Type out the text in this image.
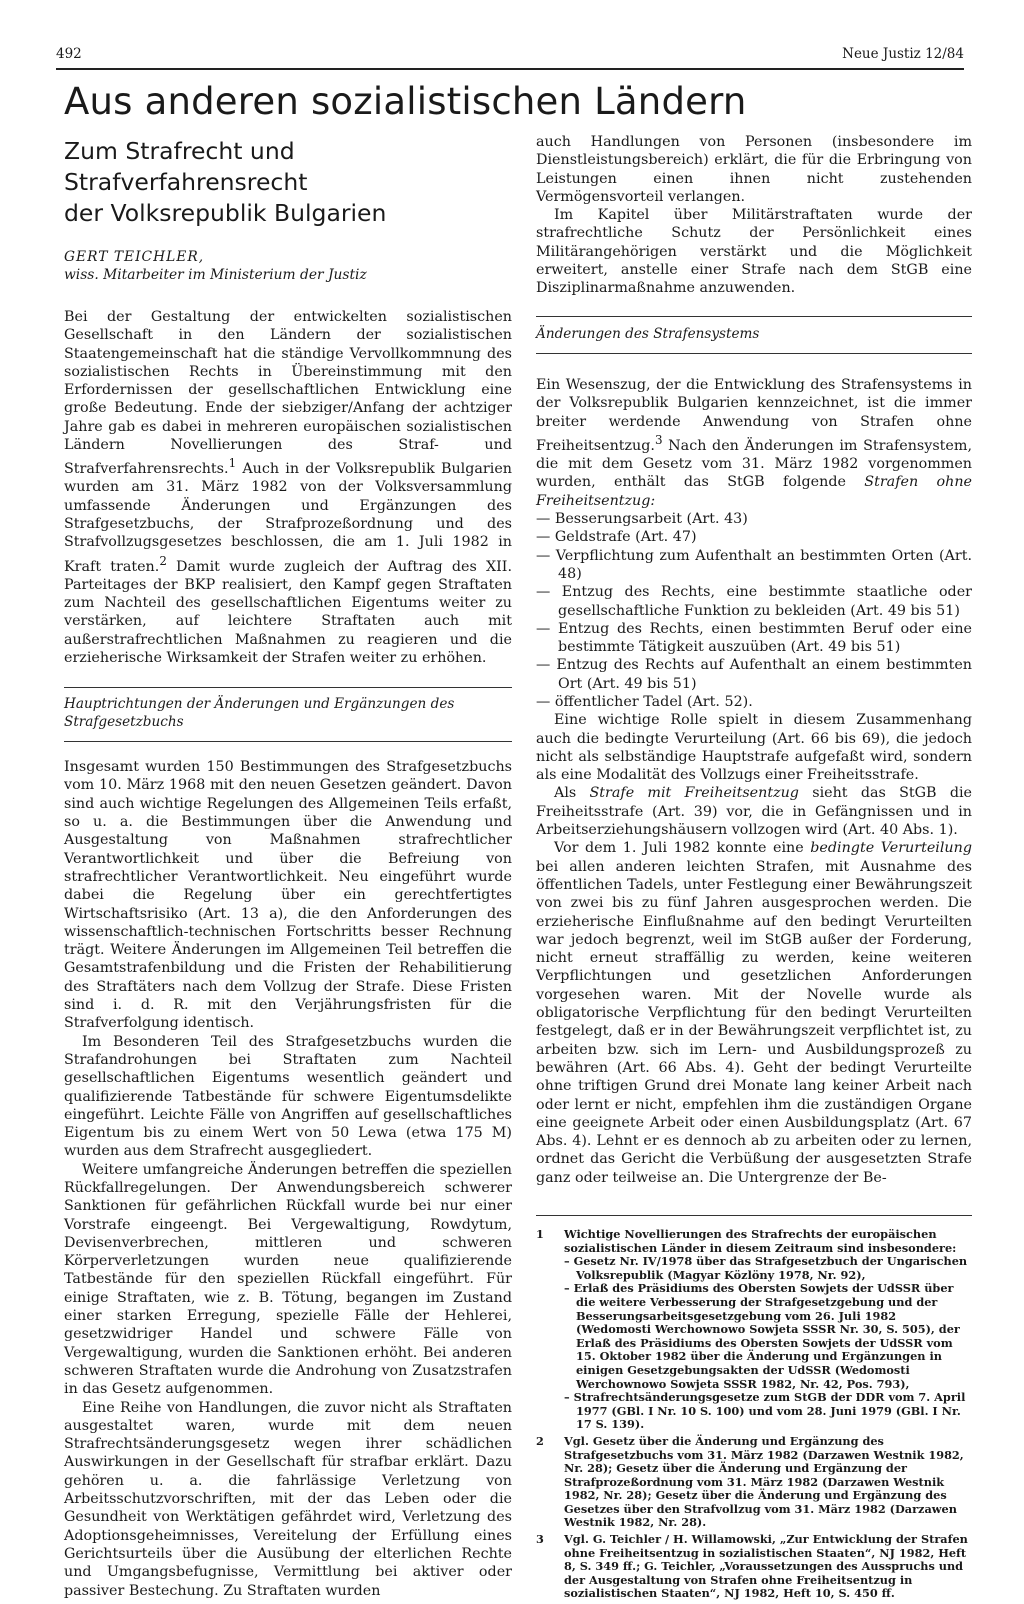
492	Neue Justiz 12/84
Aus anderen sozialistischen Ländern
Zum Strafrecht und Strafverfahrensrecht
der Volksrepublik Bulgarien
GERT TEICHLER,
wiss. Mitarbeiter im Ministerium der Justiz

Bei der Gestaltung der entwickelten sozialistischen Gesellschaft in den Ländern der sozialistischen Staatengemeinschaft hat die ständige Vervollkommnung des sozialistischen Rechts in Übereinstimmung mit den Erfordernissen der gesellschaftlichen Entwicklung eine große Bedeutung. Ende der siebziger/Anfang der achtziger Jahre gab es dabei in mehreren europäischen sozialistischen Ländern Novellierungen des Straf- und Strafverfahrensrechts.$^1$ Auch in der Volksrepublik Bulgarien wurden am 31. März 1982 von der Volksversammlung umfassende Änderungen und Ergänzungen des Strafgesetzbuchs, der Strafprozeßordnung und des Strafvollzugsgesetzes beschlossen, die am 1. Juli 1982 in Kraft traten.$^2$ Damit wurde zugleich der Auftrag des XII. Parteitages der BKP realisiert, den Kampf gegen Straftaten zum Nachteil des gesellschaftlichen Eigentums weiter zu verstärken, auf leichtere Straftaten auch mit außerstrafrechtlichen Maßnahmen zu reagieren und die erzieherische Wirksamkeit der Strafen weiter zu erhöhen.

Hauptrichtungen der Änderungen und Ergänzungen des Strafgesetzbuchs

Insgesamt wurden 150 Bestimmungen des Strafgesetzbuchs vom 10. März 1968 mit den neuen Gesetzen geändert. Davon sind auch wichtige Regelungen des Allgemeinen Teils erfaßt, so u. a. die Bestimmungen über die Anwendung und Ausgestaltung von Maßnahmen strafrechtlicher Verantwortlichkeit und über die Befreiung von strafrechtlicher Verantwortlichkeit. Neu eingeführt wurde dabei die Regelung über ein gerechtfertigtes Wirtschaftsrisiko (Art. 13 a), die den Anforderungen des wissenschaftlich-technischen Fortschritts besser Rechnung trägt. Weitere Änderungen im Allgemeinen Teil betreffen die Gesamtstrafenbildung und die Fristen der Rehabilitierung des Straftäters nach dem Vollzug der Strafe. Diese Fristen sind i. d. R. mit den Verjährungsfristen für die Strafverfolgung identisch.

Im Besonderen Teil des Strafgesetzbuchs wurden die Strafandrohungen bei Straftaten zum Nachteil gesellschaftlichen Eigentums wesentlich geändert und qualifizierende Tatbestände für schwere Eigentumsdelikte eingeführt. Leichte Fälle von Angriffen auf gesellschaftliches Eigentum bis zu einem Wert von 50 Lewa (etwa 175 M) wurden aus dem Strafrecht ausgegliedert.

Weitere umfangreiche Änderungen betreffen die speziellen Rückfallregelungen. Der Anwendungsbereich schwerer Sanktionen für gefährlichen Rückfall wurde bei nur einer Vorstrafe eingeengt. Bei Vergewaltigung, Rowdytum, Devisenverbrechen, mittleren und schweren Körperverletzungen wurden neue qualifizierende Tatbestände für den speziellen Rückfall eingeführt. Für einige Straftaten, wie z. B. Tötung, begangen im Zustand einer starken Erregung, spezielle Fälle der Hehlerei, gesetzwidriger Handel und schwere Fälle von Vergewaltigung, wurden die Sanktionen erhöht. Bei anderen schweren Straftaten wurde die Androhung von Zusatzstrafen in das Gesetz aufgenommen.

Eine Reihe von Handlungen, die zuvor nicht als Straftaten ausgestaltet waren, wurde mit dem neuen Strafrechtsänderungsgesetz wegen ihrer schädlichen Auswirkungen in der Gesellschaft für strafbar erklärt. Dazu gehören u. a. die fahrlässige Verletzung von Arbeitsschutzvorschriften, mit der das Leben oder die Gesundheit von Werktätigen gefährdet wird, Verletzung des Adoptionsgeheimnisses, Vereitelung der Erfüllung eines Gerichtsurteils über die Ausübung der elterlichen Rechte und Umgangsbefugnisse, Vermittlung bei aktiver oder passiver Bestechung. Zu Straftaten wurden

auch Handlungen von Personen (insbesondere im Dienstleistungsbereich) erklärt, die für die Erbringung von Leistungen einen ihnen nicht zustehenden Vermögensvorteil verlangen.

Im Kapitel über Militärstraftaten wurde der strafrechtliche Schutz der Persönlichkeit eines Militärangehörigen verstärkt und die Möglichkeit erweitert, anstelle einer Strafe nach dem StGB eine Disziplinarmaßnahme anzuwenden.

Änderungen des Strafensystems

Ein Wesenszug, der die Entwicklung des Strafensystems in der Volksrepublik Bulgarien kennzeichnet, ist die immer breiter werdende Anwendung von Strafen ohne Freiheitsentzug.$^3$ Nach den Änderungen im Strafensystem, die mit dem Gesetz vom 31. März 1982 vorgenommen wurden, enthält das StGB folgende Strafen ohne Freiheitsentzug:

— Besserungsarbeit (Art. 43)

— Geldstrafe (Art. 47)

— Verpflichtung zum Aufenthalt an bestimmten Orten (Art. 48)

— Entzug des Rechts, eine bestimmte staatliche oder gesellschaftliche Funktion zu bekleiden (Art. 49 bis 51)

— Entzug des Rechts, einen bestimmten Beruf oder eine bestimmte Tätigkeit auszuüben (Art. 49 bis 51)

— Entzug des Rechts auf Aufenthalt an einem bestimmten Ort (Art. 49 bis 51)

— öffentlicher Tadel (Art. 52).

Eine wichtige Rolle spielt in diesem Zusammenhang auch die bedingte Verurteilung (Art. 66 bis 69), die jedoch nicht als selbständige Hauptstrafe aufgefaßt wird, sondern als eine Modalität des Vollzugs einer Freiheitsstrafe.

Als Strafe mit Freiheitsentzug sieht das StGB die Freiheitsstrafe (Art. 39) vor, die in Gefängnissen und in Arbeitserziehungshäusern vollzogen wird (Art. 40 Abs. 1).

Vor dem 1. Juli 1982 konnte eine bedingte Verurteilung bei allen anderen leichten Strafen, mit Ausnahme des öffentlichen Tadels, unter Festlegung einer Bewährungszeit von zwei bis zu fünf Jahren ausgesprochen werden. Die erzieherische Einflußnahme auf den bedingt Verurteilten war jedoch begrenzt, weil im StGB außer der Forderung, nicht erneut straffällig zu werden, keine weiteren Verpflichtungen und gesetzlichen Anforderungen vorgesehen waren. Mit der Novelle wurde als obligatorische Verpflichtung für den bedingt Verurteilten festgelegt, daß er in der Bewährungszeit verpflichtet ist, zu arbeiten bzw. sich im Lern- und Ausbildungsprozeß zu bewähren (Art. 66 Abs. 4). Geht der bedingt Verurteilte ohne triftigen Grund drei Monate lang keiner Arbeit nach oder lernt er nicht, empfehlen ihm die zuständigen Organe eine geeignete Arbeit oder einen Ausbildungsplatz (Art. 67 Abs. 4). Lehnt er es dennoch ab zu arbeiten oder zu lernen, ordnet das Gericht die Verbüßung der ausgesetzten Strafe ganz oder teilweise an. Die Untergrenze der Be-

1	Wichtige Novellierungen des Strafrechts der europäischen sozialistischen Länder in diesem Zeitraum sind insbesondere:
– Gesetz Nr. IV/1978 über das Strafgesetzbuch der Ungarischen Volksrepublik (Magyar Közlöny 1978, Nr. 92),
– Erlaß des Präsidiums des Obersten Sowjets der UdSSR über die weitere Verbesserung der Strafgesetzgebung und der Besserungsarbeitsgesetzgebung vom 26. Juli 1982 (Wedomosti Werchownowo Sowjeta SSSR Nr. 30, S. 505), der Erlaß des Präsidiums des Obersten Sowjets der UdSSR vom 15. Oktober 1982 über die Änderung und Ergänzungen in einigen Gesetzgebungsakten der UdSSR (Wedomosti Werchownowo Sowjeta SSSR 1982, Nr. 42, Pos. 793),
– Strafrechtsänderungsgesetze zum StGB der DDR vom 7. April 1977 (GBl. I Nr. 10 S. 100) und vom 28. Juni 1979 (GBl. I Nr. 17 S. 139).
2	Vgl. Gesetz über die Änderung und Ergänzung des Strafgesetzbuchs vom 31. März 1982 (Darzawen Westnik 1982, Nr. 28); Gesetz über die Änderung und Ergänzung der Strafprozeßordnung vom 31. März 1982 (Darzawen Westnik 1982, Nr. 28); Gesetz über die Änderung und Ergänzung des Gesetzes über den Strafvollzug vom 31. März 1982 (Darzawen Westnik 1982, Nr. 28).
3	Vgl. G. Teichler / H. Willamowski, „Zur Entwicklung der Strafen ohne Freiheitsentzug in sozialistischen Staaten“, NJ 1982, Heft 8, S. 349 ff.; G. Teichler, „Voraussetzungen des Ausspruchs und der Ausgestaltung von Strafen ohne Freiheitsentzug in sozialistischen Staaten“, NJ 1982, Heft 10, S. 450 ff.
